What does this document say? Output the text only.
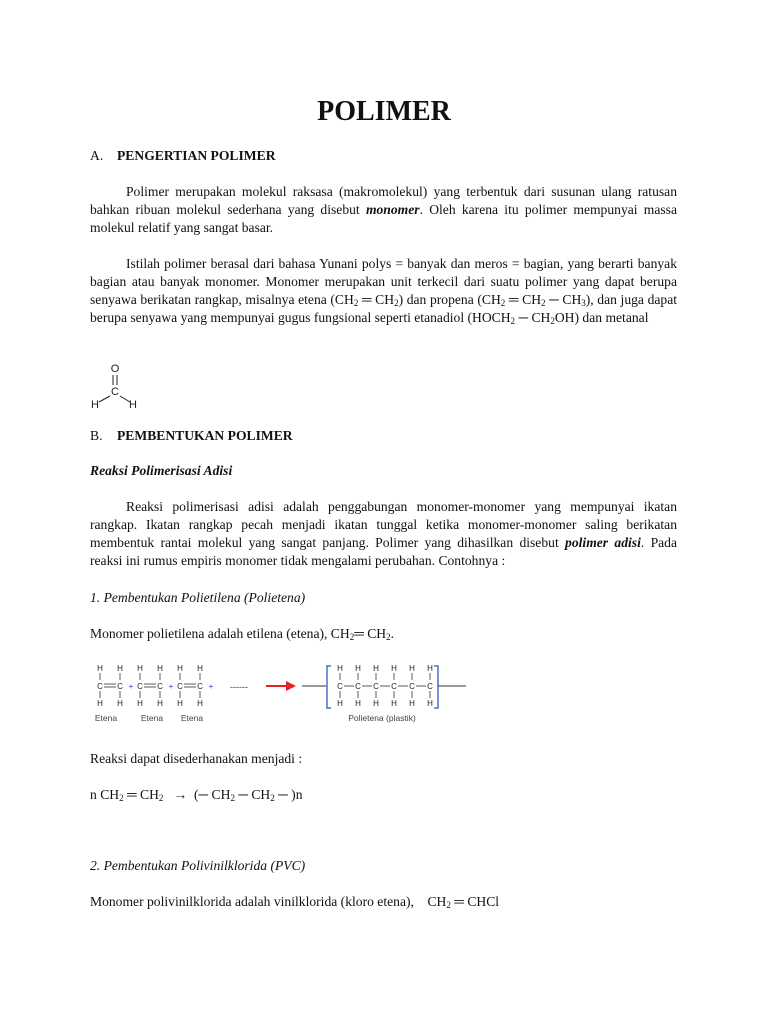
POLIMER
A. PENGERTIAN POLIMER
Polimer merupakan molekul raksasa (makromolekul) yang terbentuk dari susunan ulang ratusan bahkan ribuan molekul sederhana yang disebut monomer. Oleh karena itu polimer mempunyai massa molekul relatif yang sangat basar.
Istilah polimer berasal dari bahasa Yunani polys = banyak dan meros = bagian, yang berarti banyak bagian atau banyak monomer. Monomer merupakan unit terkecil dari suatu polimer yang dapat berupa senyawa berikatan rangkap, misalnya etena ($CH_2$ ═ $CH_2$) dan propena ($CH_2$ ═ $CH_2$ ─ $CH_3$), dan juga dapat berupa senyawa yang mempunyai gugus fungsional seperti etanadiol ($HOCH_2$ ─ $CH_2OH$) dan metanal
O
C
H	H
B. PEMBENTUKAN POLIMER
Reaksi Polimerisasi Adisi
Reaksi polimerisasi adisi adalah penggabungan monomer-monomer yang mempunyai ikatan rangkap. Ikatan rangkap pecah menjadi ikatan tunggal ketika monomer-monomer saling berikatan membentuk rantai molekul yang sangat panjang. Polimer yang dihasilkan disebut polimer adisi. Pada reaksi ini rumus empiris monomer tidak mengalami perubahan. Contohnya :
1. Pembentukan Polietilena (Polietena)
Monomer polietilena adalah etilena (etena), $CH_2═$ $CH_2$.
H
C
H
H
C
H
+
H
C
H
H
C
H
+
H
C
H
H
C
H
+ ------
H
C
H
H
C
H
H
C
H
H
C
H
H
C
H
H
C
H
Etena	Etena Etena	Polietena (plastik)
Reaksi dapat disederhanakan menjadi :
n $CH_2$ ═ $CH_2$   →  (─ $CH_2$ ─ $CH_2$ ─ )n
2. Pembentukan Polivinilklorida (PVC)
Monomer polivinilklorida adalah vinilklorida (kloro etena),    $CH_2$ ═ CHCl
